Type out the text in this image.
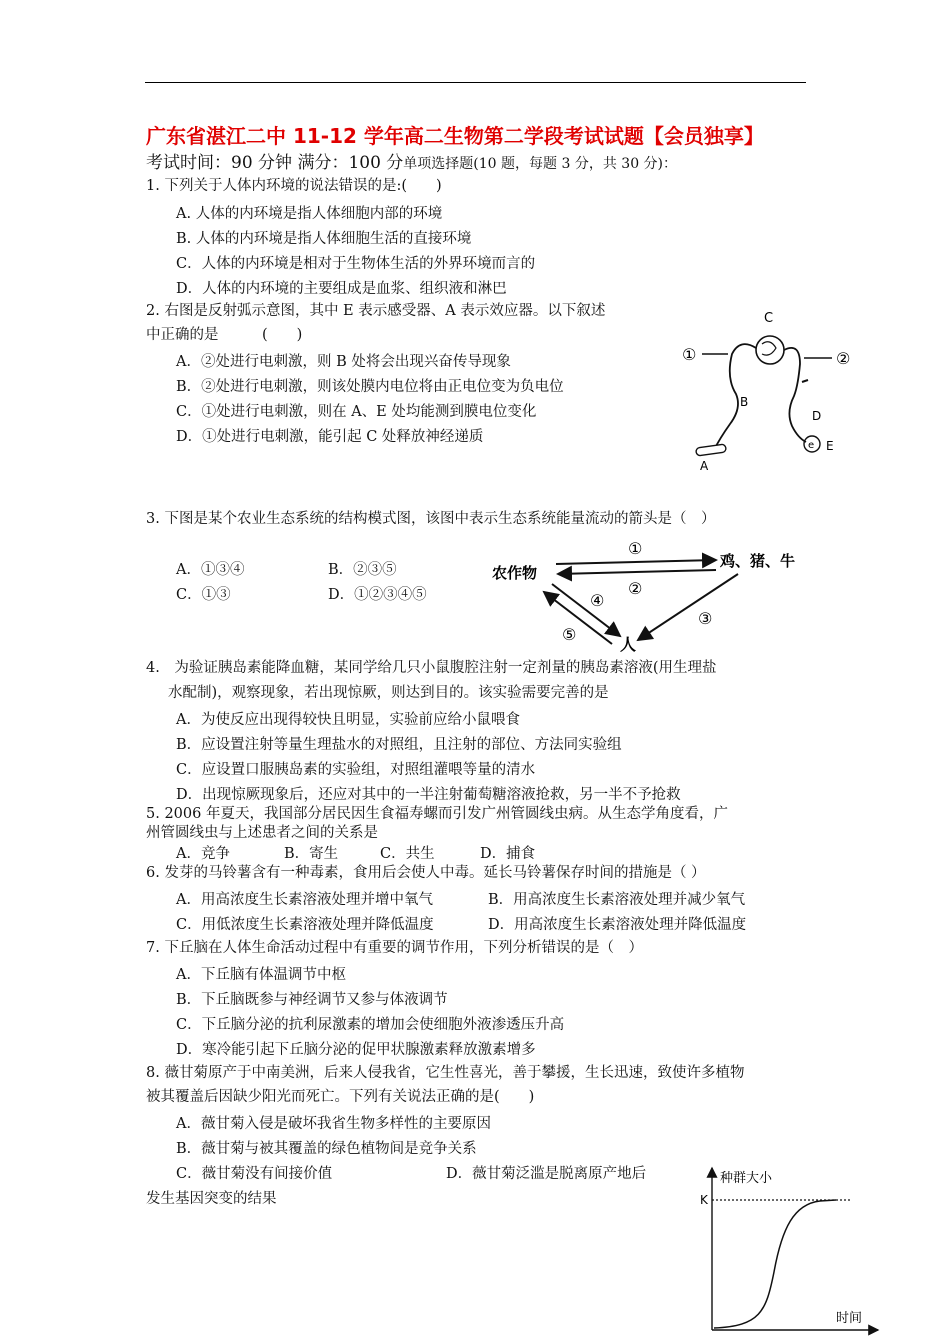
广东省湛江二中 11-12 学年高二生物第二学段考试试题【会员独享】
考试时间：90 分钟 满分：100 分单项选择题(10 题，每题 3 分，共 30 分)：
1. 下列关于人体内环境的说法错误的是:(　　)
A. 人体的内环境是指人体细胞内部的环境
B. 人体的内环境是指人体细胞生活的直接环境
C．人体的内环境是相对于生物体生活的外界环境而言的
D．人体的内环境的主要组成是血浆、组织液和淋巴
2. 右图是反射弧示意图，其中 E 表示感受器、A 表示效应器。以下叙述
中正确的是　　　(　　)
A．②处进行电刺激，则 B 处将会出现兴奋传导现象
B．②处进行电刺激，则该处膜内电位将由正电位变为负电位
C．①处进行电刺激，则在 A、E 处均能测到膜电位变化
D．①处进行电刺激，能引起 C 处释放神经递质
C
A
e E
B
D
①	②
3. 下图是某个农业生态系统的结构模式图，该图中表示生态系统能量流动的箭头是（　）
A．①③④	B．②③⑤
C．①③	D．①②③④⑤
农作物
鸡、猪、牛
人
①
②
③
④
⑤
4.　为验证胰岛素能降血糖，某同学给几只小鼠腹腔注射一定剂量的胰岛素溶液(用生理盐
水配制)，观察现象，若出现惊厥，则达到目的。该实验需要完善的是
A．为使反应出现得较快且明显，实验前应给小鼠喂食
B．应设置注射等量生理盐水的对照组，且注射的部位、方法同实验组
C．应设置口服胰岛素的实验组，对照组灌喂等量的清水
D．出现惊厥现象后，还应对其中的一半注射葡萄糖溶液抢救，另一半不予抢救
5. 2006 年夏天，我国部分居民因生食福寿螺而引发广州管圆线虫病。从生态学角度看，广
州管圆线虫与上述患者之间的关系是
A．竞争	B．寄生	C．共生	D．捕食
6. 发芽的马铃薯含有一种毒素，食用后会使人中毒。延长马铃薯保存时间的措施是（ ）
A．用高浓度生长素溶液处理并增中氧气	B．用高浓度生长素溶液处理并减少氧气
C．用低浓度生长素溶液处理并降低温度	D．用高浓度生长素溶液处理并降低温度
7. 下丘脑在人体生命活动过程中有重要的调节作用，下列分析错误的是（　）
A．下丘脑有体温调节中枢
B．下丘脑既参与神经调节又参与体液调节
C．下丘脑分泌的抗利尿激素的增加会使细胞外液渗透压升高
D．寒冷能引起下丘脑分泌的促甲状腺激素释放激素增多
8. 薇甘菊原产于中南美洲，后来人侵我省，它生性喜光，善于攀援，生长迅速，致使许多植物
被其覆盖后因缺少阳光而死亡。下列有关说法正确的是(　　)
A．薇甘菊入侵是破坏我省生物多样性的主要原因
B．薇甘菊与被其覆盖的绿色植物间是竞争关系
C．薇甘菊没有间接价值	D．薇甘菊泛滥是脱离原产地后
发生基因突变的结果
种群大小
K
时间
